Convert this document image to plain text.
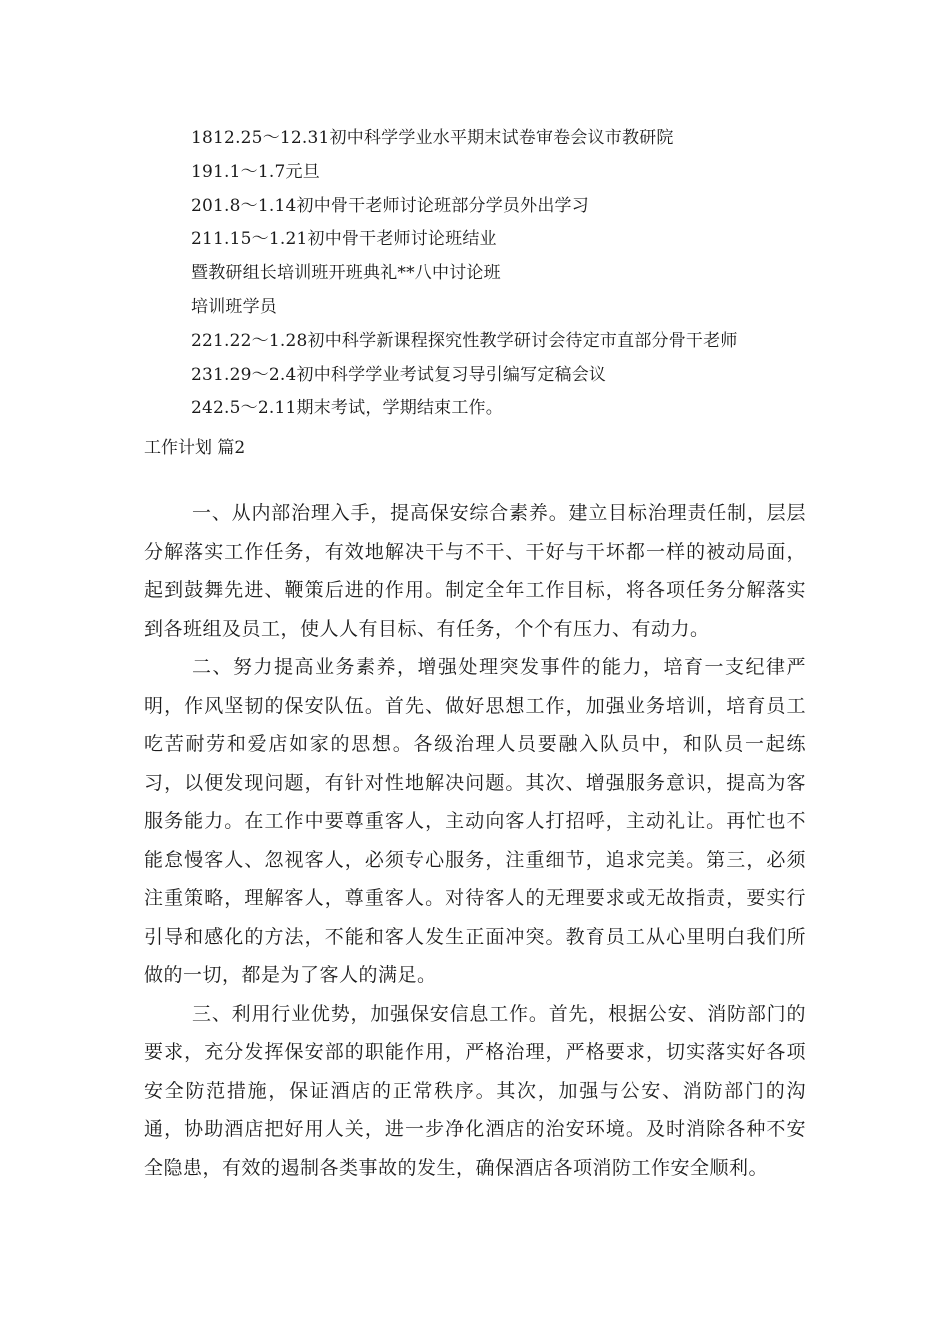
1812.25～12.31初中科学学业水平期末试卷审卷会议市教研院
191.1～1.7元旦
201.8～1.14初中骨干老师讨论班部分学员外出学习
211.15～1.21初中骨干老师讨论班结业
暨教研组长培训班开班典礼**八中讨论班
培训班学员
221.22～1.28初中科学新课程探究性教学研讨会待定市直部分骨干老师
231.29～2.4初中科学学业考试复习导引编写定稿会议
242.5～2.11期末考试，学期结束工作。
工作计划 篇2

一、从内部治理入手，提高保安综合素养。建立目标治理责任制，层层分解落实工作任务，有效地解决干与不干、干好与干坏都一样的被动局面，起到鼓舞先进、鞭策后进的作用。制定全年工作目标，将各项任务分解落实到各班组及员工，使人人有目标、有任务，个个有压力、有动力。

二、努力提高业务素养，增强处理突发事件的能力，培育一支纪律严明，作风坚韧的保安队伍。首先、做好思想工作，加强业务培训，培育员工吃苦耐劳和爱店如家的思想。各级治理人员要融入队员中，和队员一起练习，以便发现问题，有针对性地解决问题。其次、增强服务意识，提高为客服务能力。在工作中要尊重客人，主动向客人打招呼，主动礼让。再忙也不能怠慢客人、忽视客人，必须专心服务，注重细节，追求完美。第三，必须注重策略，理解客人，尊重客人。对待客人的无理要求或无故指责，要实行引导和感化的方法，不能和客人发生正面冲突。教育员工从心里明白我们所做的一切，都是为了客人的满足。

三、利用行业优势，加强保安信息工作。首先，根据公安、消防部门的要求，充分发挥保安部的职能作用，严格治理，严格要求，切实落实好各项安全防范措施，保证酒店的正常秩序。其次，加强与公安、消防部门的沟通，协助酒店把好用人关，进一步净化酒店的治安环境。及时消除各种不安全隐患，有效的遏制各类事故的发生，确保酒店各项消防工作安全顺利。
